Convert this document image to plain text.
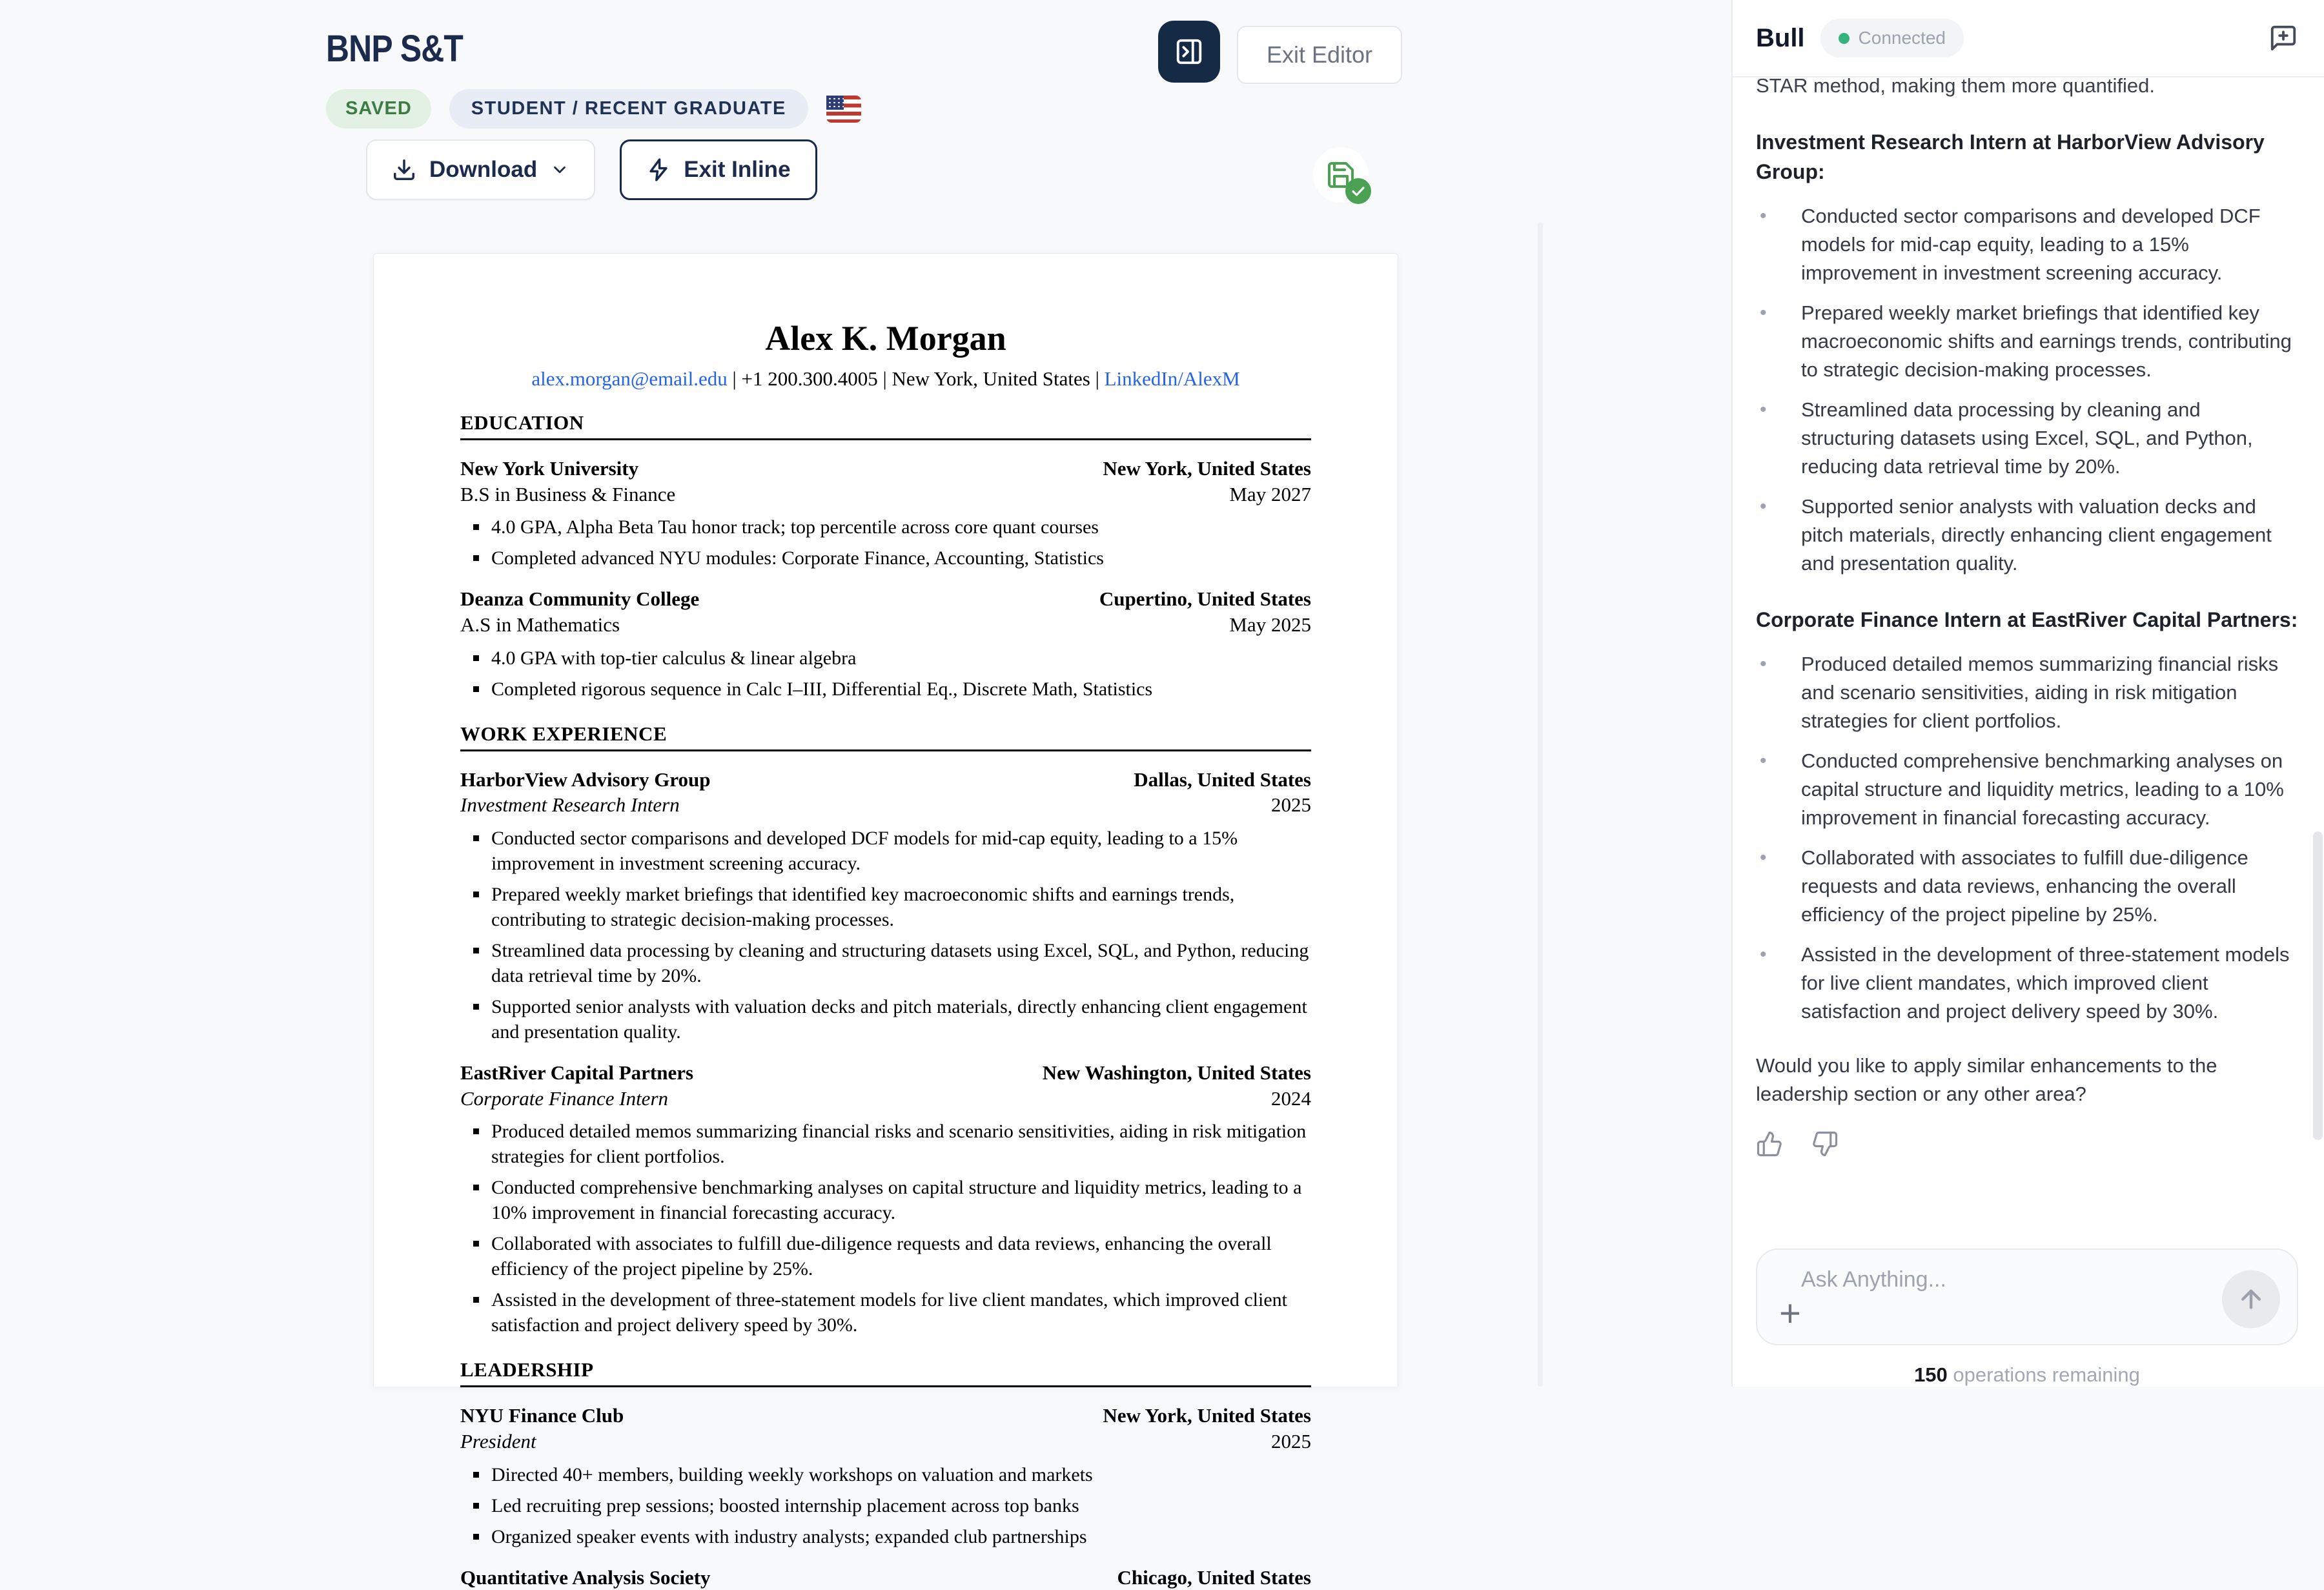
BNP S&T
SAVED	STUDENT / RECENT GRADUATE
Download	Exit Inline
Exit Editor
Alex K. Morgan
alex.morgan@email.edu | +1 200.300.4005 | New York, United States | LinkedIn/AlexM
EDUCATION
New York University	New York, United States
B.S in Business & Finance	May 2027
4.0 GPA, Alpha Beta Tau honor track; top percentile across core quant courses
Completed advanced NYU modules: Corporate Finance, Accounting, Statistics
Deanza Community College	Cupertino, United States
A.S in Mathematics	May 2025
4.0 GPA with top-tier calculus & linear algebra
Completed rigorous sequence in Calc I–III, Differential Eq., Discrete Math, Statistics
WORK EXPERIENCE
HarborView Advisory Group	Dallas, United States
Investment Research Intern	2025
Conducted sector comparisons and developed DCF models for mid-cap equity, leading to a 15% improvement in investment screening accuracy.
Prepared weekly market briefings that identified key macroeconomic shifts and earnings trends, contributing to strategic decision-making processes.
Streamlined data processing by cleaning and structuring datasets using Excel, SQL, and Python, reducing data retrieval time by 20%.
Supported senior analysts with valuation decks and pitch materials, directly enhancing client engagement and presentation quality.
EastRiver Capital Partners	New Washington, United States
Corporate Finance Intern	2024
Produced detailed memos summarizing financial risks and scenario sensitivities, aiding in risk mitigation strategies for client portfolios.
Conducted comprehensive benchmarking analyses on capital structure and liquidity metrics, leading to a 10% improvement in financial forecasting accuracy.
Collaborated with associates to fulfill due-diligence requests and data reviews, enhancing the overall efficiency of the project pipeline by 25%.
Assisted in the development of three-statement models for live client mandates, which improved client satisfaction and project delivery speed by 30%.
LEADERSHIP
NYU Finance Club	New York, United States
President	2025
Directed 40+ members, building weekly workshops on valuation and markets
Led recruiting prep sessions; boosted internship placement across top banks
Organized speaker events with industry analysts; expanded club partnerships
Quantitative Analysis Society	Chicago, United States
Bull	Connected
STAR method, making them more quantified.
Investment Research Intern at HarborView Advisory Group:
•	Conducted sector comparisons and developed DCF models for mid-cap equity, leading to a 15% improvement in investment screening accuracy.
•	Prepared weekly market briefings that identified key macroeconomic shifts and earnings trends, contributing to strategic decision-making processes.
•	Streamlined data processing by cleaning and structuring datasets using Excel, SQL, and Python, reducing data retrieval time by 20%.
•	Supported senior analysts with valuation decks and pitch materials, directly enhancing client engagement and presentation quality.
Corporate Finance Intern at EastRiver Capital Partners:
•	Produced detailed memos summarizing financial risks and scenario sensitivities, aiding in risk mitigation strategies for client portfolios.
•	Conducted comprehensive benchmarking analyses on capital structure and liquidity metrics, leading to a 10% improvement in financial forecasting accuracy.
•	Collaborated with associates to fulfill due-diligence requests and data reviews, enhancing the overall efficiency of the project pipeline by 25%.
•	Assisted in the development of three-statement models for live client mandates, which improved client satisfaction and project delivery speed by 30%.
Would you like to apply similar enhancements to the leadership section or any other area?
Ask Anything...
+
150 operations remaining
